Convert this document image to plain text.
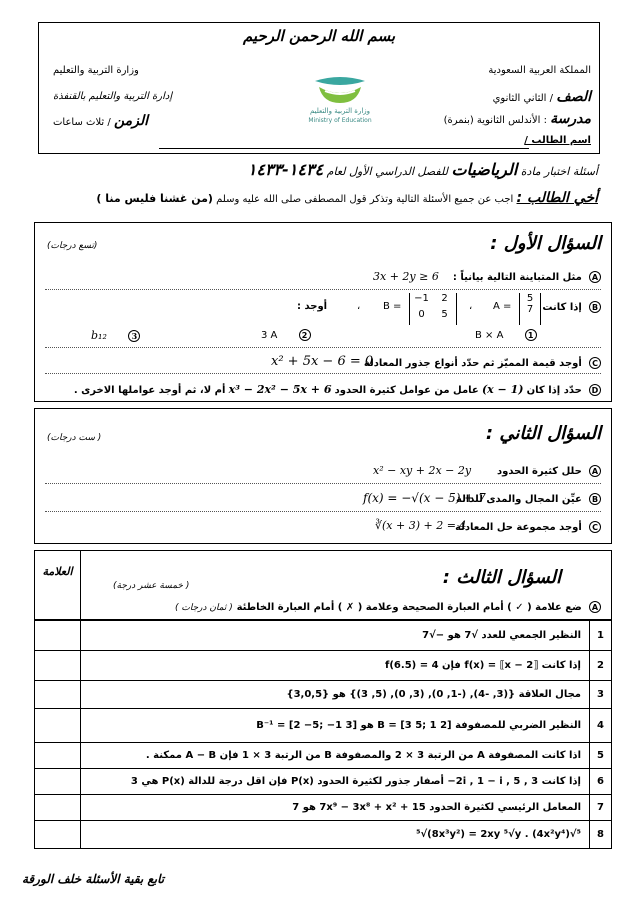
بسم الله الرحمن الرحيم
المملكة العربية السعودية
وزارة التربية والتعليم
الصف / الثاني الثانوي
إدارة التربية والتعليم بالقنفذة
مدرسة : الأندلس الثانوية (بنمرة)
الزمن / ثلاث ساعات
اسم الطالب /
وزارة التربية والتعليم
Ministry of Education
أسئلة اختبار مادة الرياضيات للفصل الدراسي الأول لعام ١٤٣٤-١٤٣٣
أخي الطالب : اجب عن جميع الأسئلة التالية وتذكر قول المصطفى صلى الله عليه وسلم (من غشنا فليس منا )
السؤال الأول :
(تسع درجات)
A مثل المتباينة التالية بيانياً :
3x + 2y ≥ 6
B إذا كانت
A =
5
7
،
B =
−1	2
0	5
،
أوجد :
B × A	1
3 A	2
b₁₂	3
C أوجد قيمة المميّز ثم حدّد أنواع جذور المعادلة
x² + 5x − 6 = 0
D حدّد إذا كان (x − 1) عامل من عوامل كثيرة الحدود x³ − 2x² − 5x + 6 أم لا، ثم أوجد عواملها الاخرى .
السؤال الثاني :
( ست درجات)
A حلل كثيرة الحدود
x² − xy + 2x − 2y
B عيِّن المجال والمدى للدالة
f(x) = −√(x − 5) + 7
C أوجد مجموعة حل المعادلة
∛(x + 3) + 2 = 4
السؤال الثالث :
( خمسة عشر درجة)
العلامة
A ضع علامة ( ✓ ) أمام العبارة الصحيحة وعلامة ( ✗ ) أمام العبارة الخاطئة
( ثمان درجات )
1	النظير الجمعي للعدد √7 هو −√7	
2	إذا كانت f(x) = ⟦x − 2⟧ فإن f(6.5) = 4	
3	مجال العلاقة {(3, -4), (-1, 0), (3, 0), (5, 3)} هو {3,0,5}	
4	النظير الضربي للمصفوفة B = [3 5; 1 2] هو B⁻¹ = [2 −5; −1 3]	
5	اذا كانت المصفوفة A من الرتبة 3 × 2 والمصفوفة B من الرتبة 3 × 1 فإن A − B ممكنة .	
6	إذا كانت 2i , 1 − i , 5 , 3− أصفار جذور لكثيرة الحدود P(x) فإن اقل درجة للدالة P(x) هي 3	
7	المعامل الرئيسي لكثيرة الحدود 7x⁹ − 3x⁸ + x² + 15 هو 7	
8	⁵√(4x²y⁴) . ⁵√(8x³y²) = 2xy ⁵√y	
تابع بقية الأسئلة خلف الورقة
